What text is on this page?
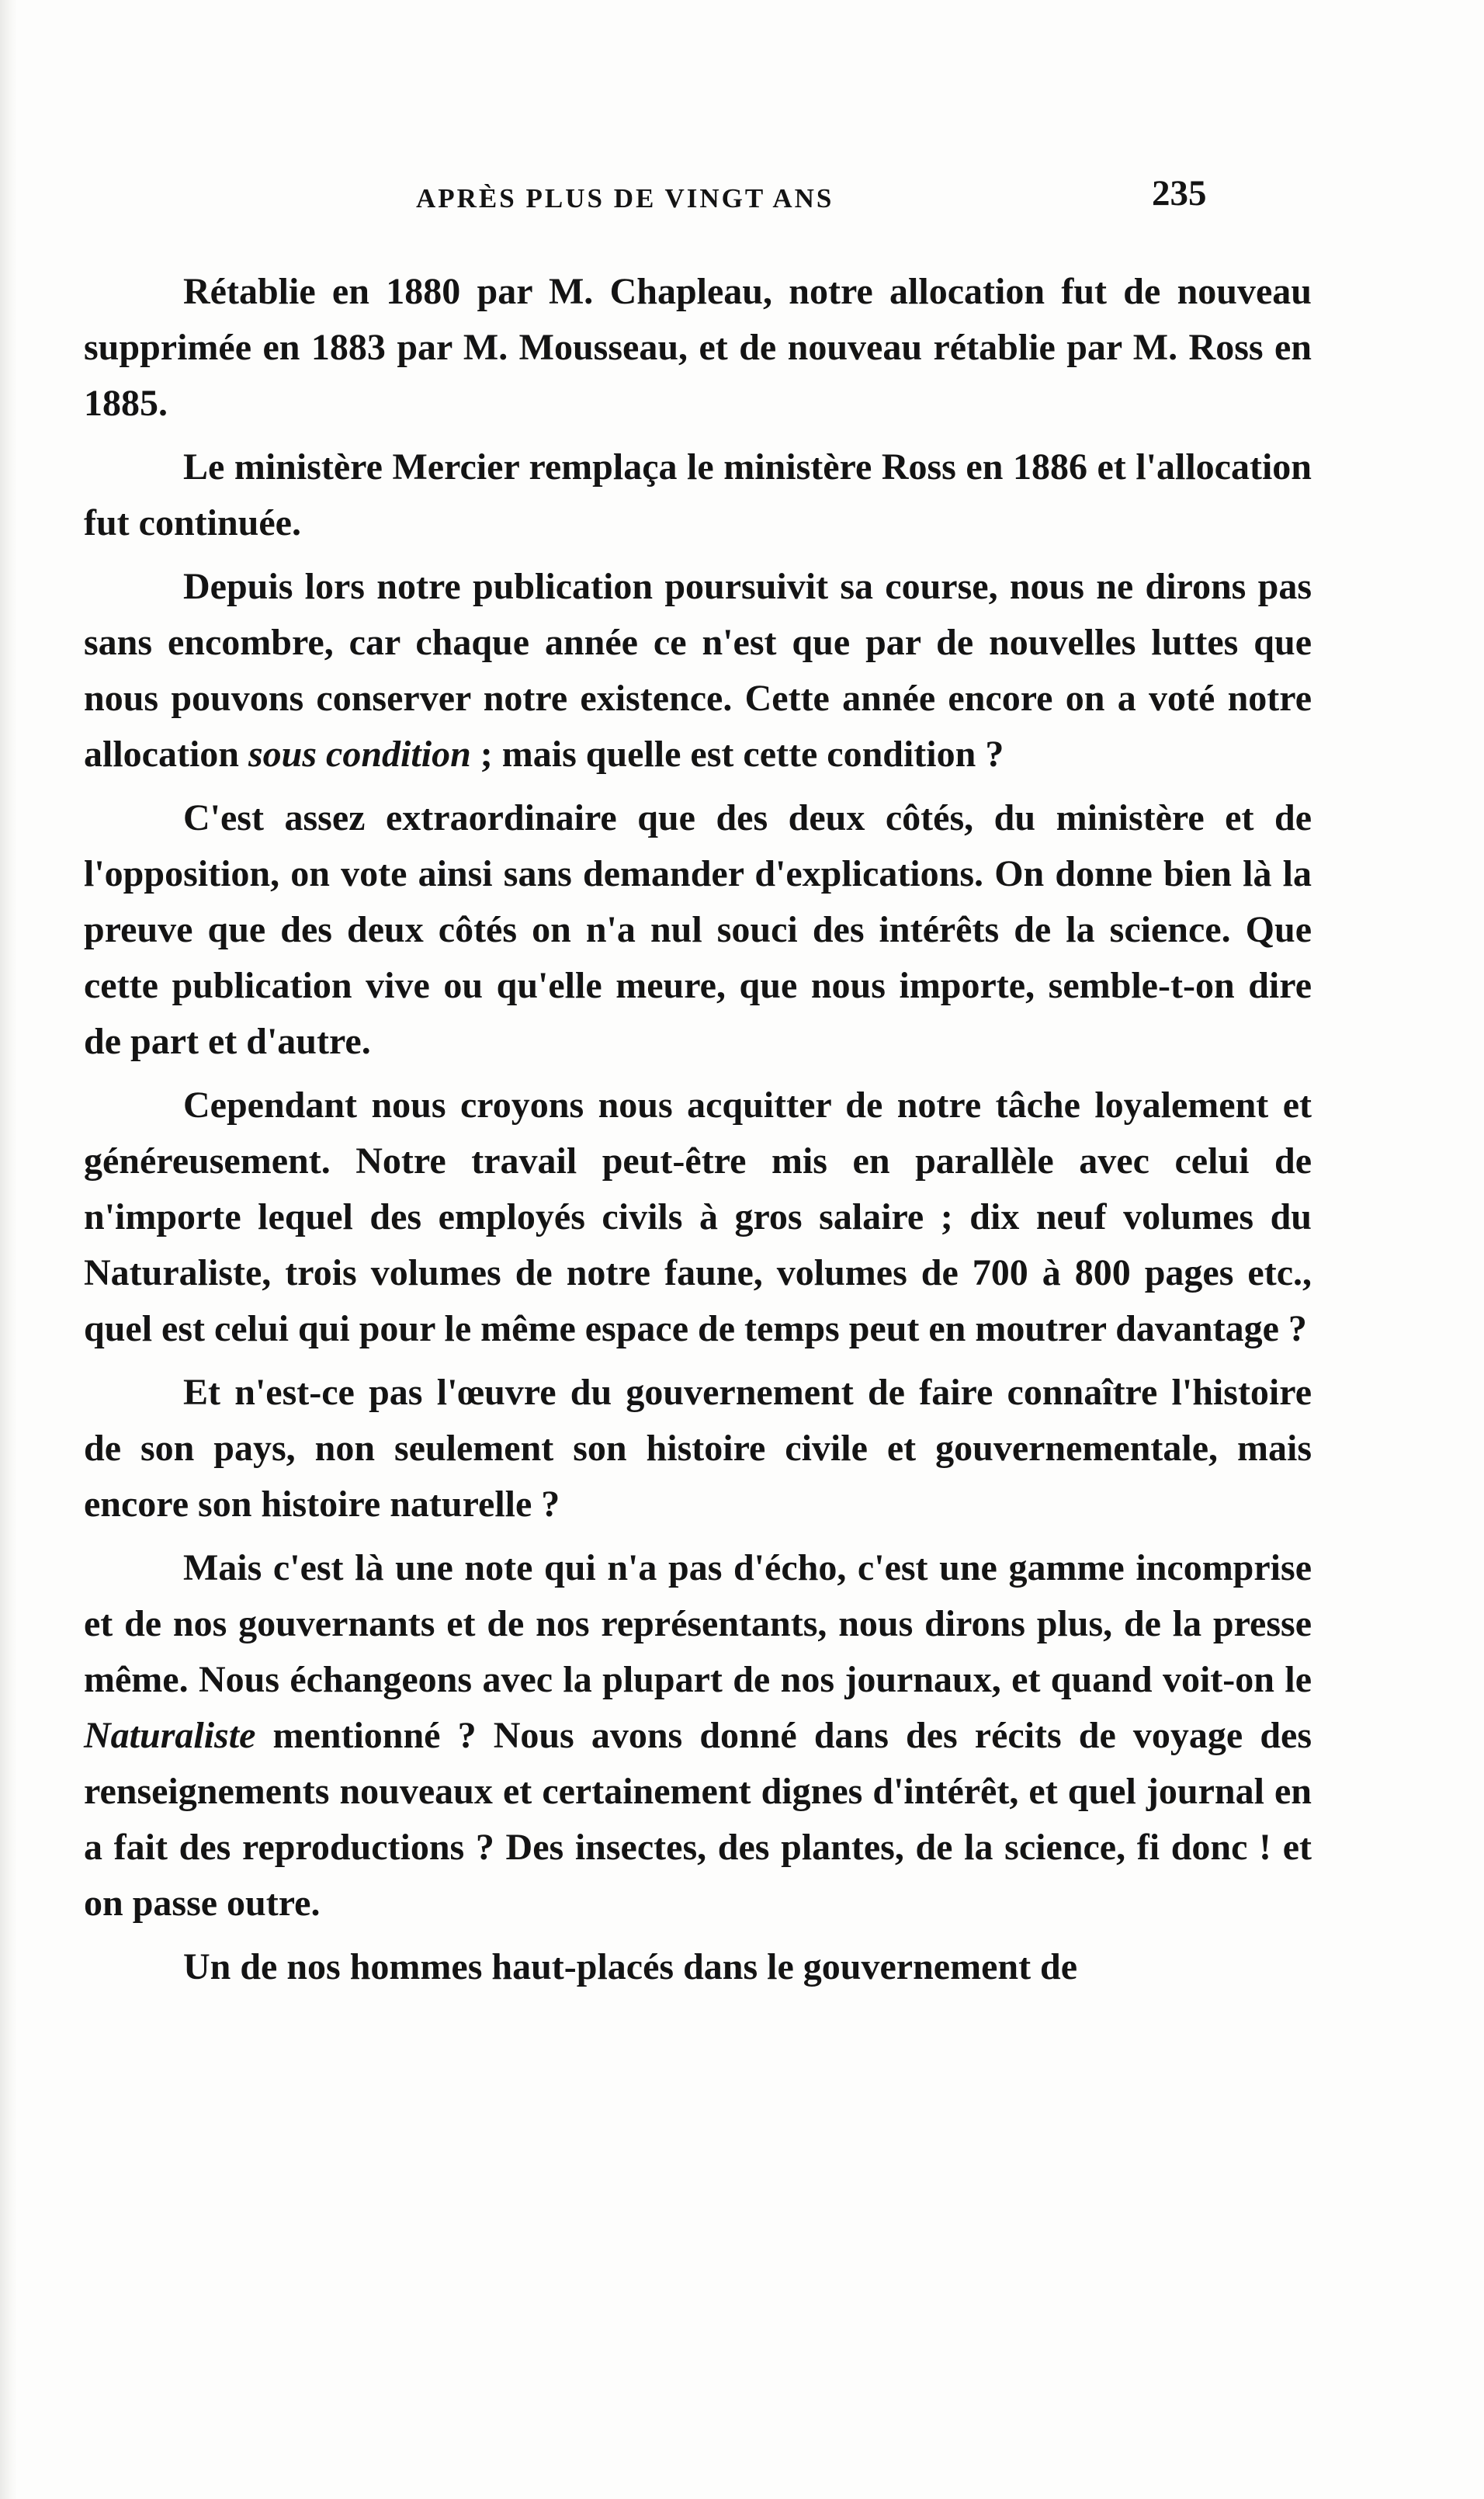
APRÈS PLUS DE VINGT ANS	235

Rétablie en 1880 par M. Chapleau, notre allocation fut de nouveau supprimée en 1883 par M. Mousseau, et de nouveau rétablie par M. Ross en 1885.

Le ministère Mercier remplaça le ministère Ross en 1886 et l'allocation fut continuée.

Depuis lors notre publication poursuivit sa course, nous ne dirons pas sans encombre, car chaque année ce n'est que par de nouvelles luttes que nous pouvons conserver notre existence. Cette année encore on a voté notre allocation sous condition ; mais quelle est cette condition ?

C'est assez extraordinaire que des deux côtés, du ministère et de l'opposition, on vote ainsi sans demander d'explications. On donne bien là la preuve que des deux côtés on n'a nul souci des intérêts de la science. Que cette publication vive ou qu'elle meure, que nous importe, semble-t-on dire de part et d'autre.

Cependant nous croyons nous acquitter de notre tâche loyalement et généreusement. Notre travail peut-être mis en parallèle avec celui de n'importe lequel des employés civils à gros salaire ; dix neuf volumes du Naturaliste, trois volumes de notre faune, volumes de 700 à 800 pages etc., quel est celui qui pour le même espace de temps peut en moutrer davantage ?

Et n'est-ce pas l'œuvre du gouvernement de faire connaître l'histoire de son pays, non seulement son histoire civile et gouvernementale, mais encore son histoire naturelle ?

Mais c'est là une note qui n'a pas d'écho, c'est une gamme incomprise et de nos gouvernants et de nos représentants, nous dirons plus, de la presse même. Nous échangeons avec la plupart de nos journaux, et quand voit-on le Naturaliste mentionné ? Nous avons donné dans des récits de voyage des renseignements nouveaux et certainement dignes d'intérêt, et quel journal en a fait des reproductions ? Des insectes, des plantes, de la science, fi donc ! et on passe outre.

Un de nos hommes haut-placés dans le gouvernement de
